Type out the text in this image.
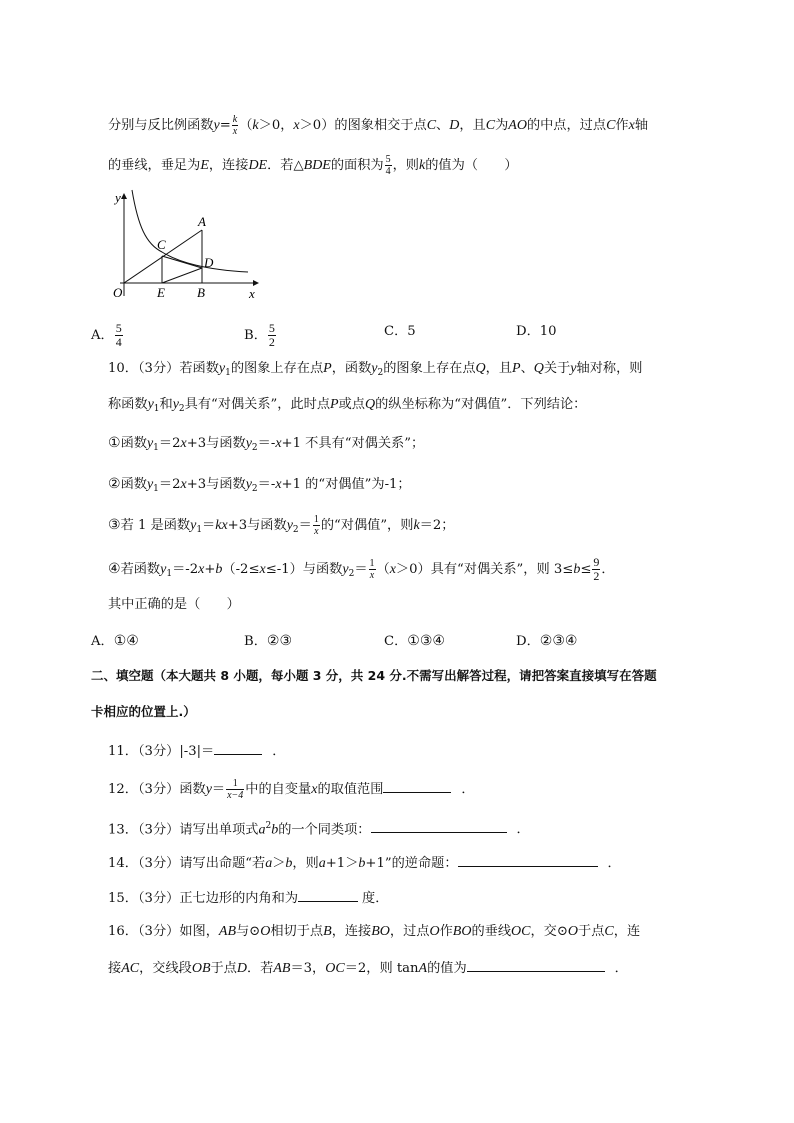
分别与反比例函数$y= \frac{k}{x} (k>0$，x＞0）的图象相交于点C、D，且C为AO的中点，过点C作x轴
的垂线，垂足为E，连接DE．若△BDE的面积为 $\frac{5}{4}$ ，则k的值为（　　）
y
x
O
A
C
D
E B
A． $\frac{5}{4}$	B． $\frac{5}{2}$	C．5	D．10
10．（3分）若函数$y_1$的图象上存在点P，函数$y_2$的图象上存在点Q，且P、Q关于y轴对称，则
称函数$y_1$和$y_2$具有“对偶关系”，此时点P或点Q的纵坐标称为“对偶值”．下列结论：
①函数$y_1=2x+3$与函数$y_2=-x+1$ 不具有“对偶关系”；
②函数$y_1=2x+3$与函数$y_2=-x+1$ 的“对偶值”为-1；
③若 1 是函数$y_1=kx+3$与函数$y_2= \frac{1}{x}$ 的“对偶值”，则k＝2；
④若函数$y_1=-2x+b(-2\le x\le-1)$与函数$y_2= \frac{1}{x} (x>0)$具有“对偶关系”，则 $3\le b\le \frac{9}{2}$ ．
其中正确的是（　　）
A．①④	B．②③	C．①③④	D．②③④
二、填空题（本大题共 8 小题，每小题 3 分，共 24 分.不需写出解答过程，请把答案直接填写在答题
卡相应的位置上.）
11．（3分）|-3|＝	．
12．（3分）函数$y= \frac{1}{x-4}$ 中的自变量x的取值范围	．
13．（3分）请写出单项式$a^2b$的一个同类项：	．
14．（3分）请写出命题“若a＞b，则a+1＞b+1”的逆命题：	．
15．（3分）正七边形的内角和为	度．
16．（3分）如图，AB与⊙O相切于点B，连接BO，过点O作BO的垂线OC，交⊙O于点C，连
接AC，交线段OB于点D．若AB＝3，OC＝2，则 tanA的值为	．
